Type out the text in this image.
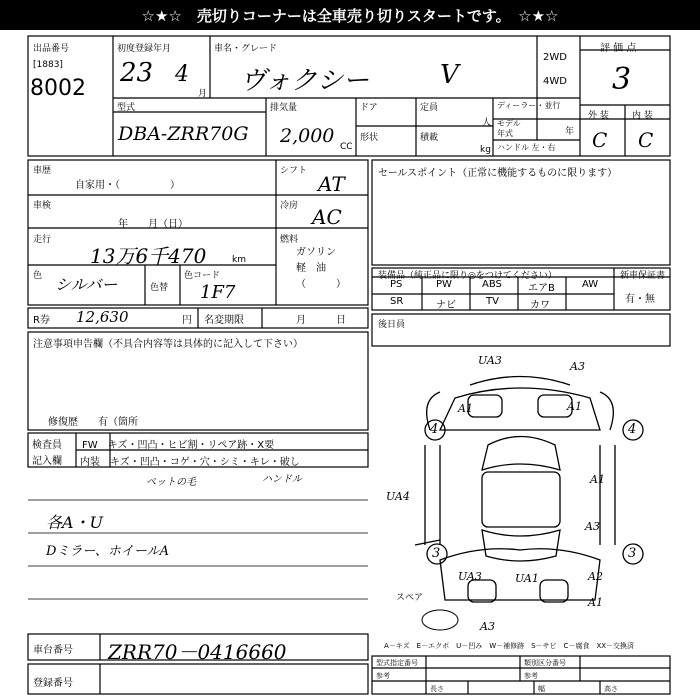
☆★☆　売切りコーナーは全車売り切りスタートです。　☆★☆
出品番号
[1883]
8002
初度登録年月
23 4
月
車名・グレード
ヴォクシー	V
2WD
4WD
評 価 点
3
型式
DBA-ZRR70G
排気量
2,000 CC
ドア
形状
定員
人
積載
kg
ディーラー・並行
モデル
年式	年
ハンドル 左・右
外 装	内 装
C C
車歴
自家用・（　　　　　）
シフト
AT
車検
年　　月（日）
冷房 AC
走行
13万6千470	km
燃料
ガソリン
軽　油
（　　　）
色 シルバー	色替
色コード
1F7
セールスポイント（正常に機能するものに限ります）
R券 12,630	円 名変期限	月　　　日
装備品（純正品に限り◎をつけてください）	新車保証書
有・無
PS	PW	ABS	エアB	AW
SR	ナビ	TV	カワ
注意事項申告欄（不具合内容等は具体的に記入して下さい）
後日員
修復歴　　有（箇所
検査員
記入欄
FW　 キズ・凹凸・ヒビ割・リペア跡・X要
内装　 キズ・凹凸・コゲ・穴・シミ・キレ・破し
ペットの毛	ハンドル
各A・U
Dミラー、ホイールA
車台番号 ZRR70－0416660
登録番号
UA3	A3
A1	A1
4	4
A1
UA4
A3
3	3
UA3	UA1	A2
A1
A3
スペア
A－キズ　E－エクボ　U－凹み　W－補修跡　S－サビ　C－腐食　XX－交換済
型式指定番号
参考
類別区分番号
参考
長さ	幅	高さ
